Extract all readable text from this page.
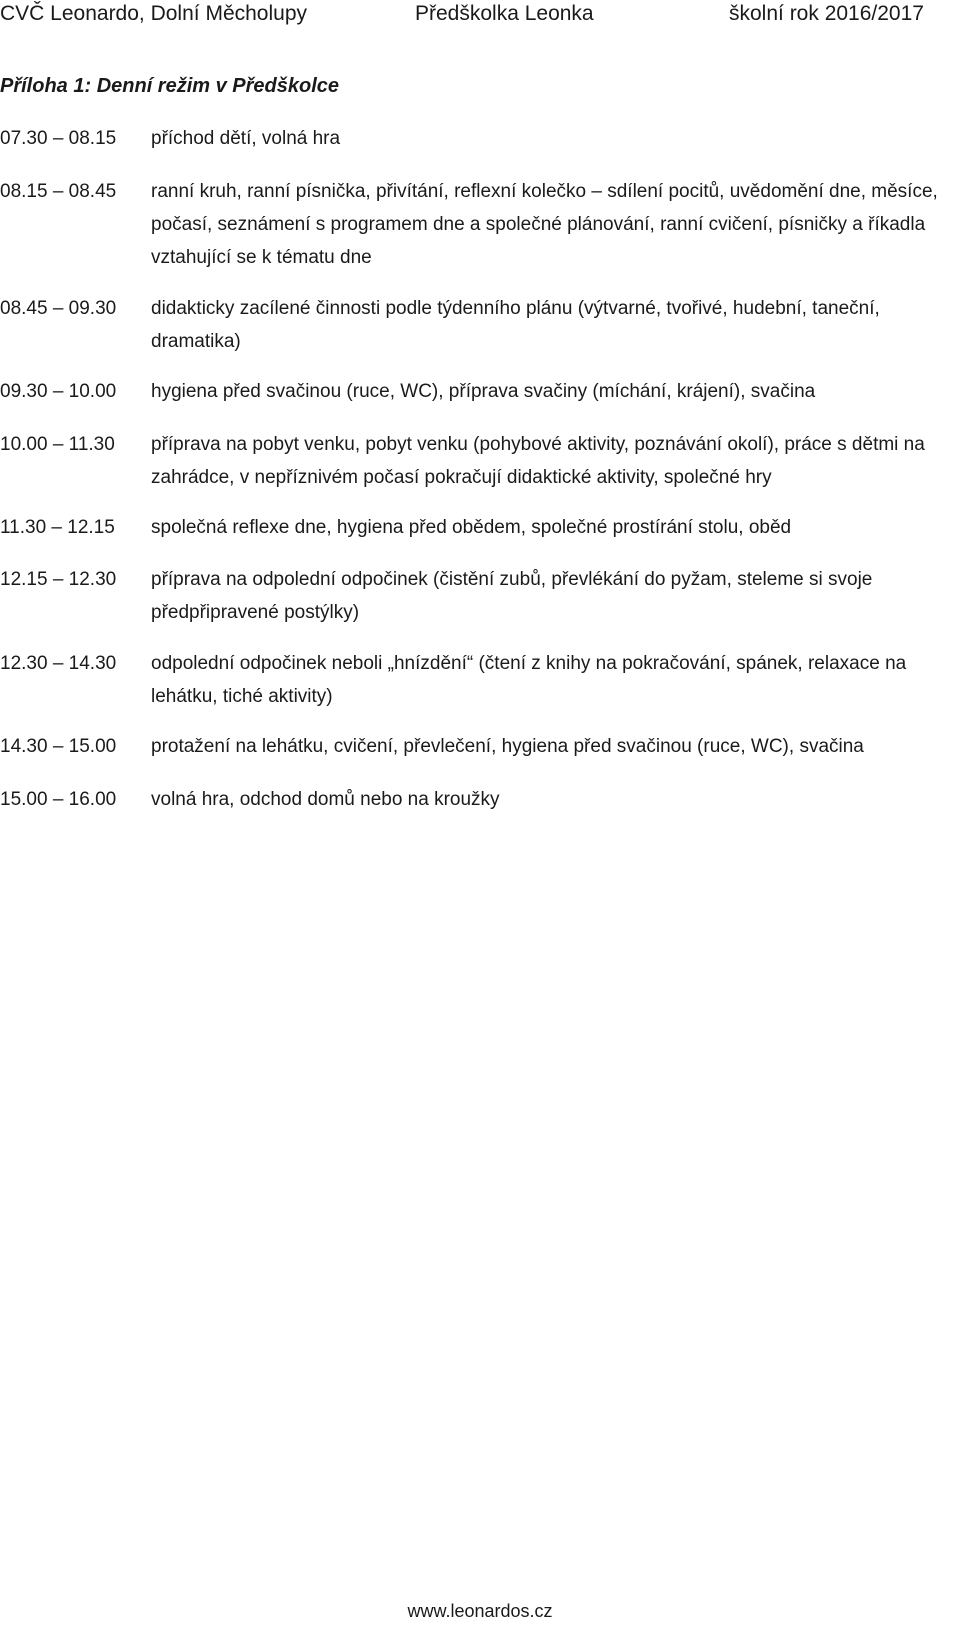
CVČ Leonardo, Dolní Měcholupy	Předškolka Leonka	školní rok 2016/2017
Příloha 1: Denní režim v Předškolce
07.30 – 08.15	příchod dětí, volná hra

08.15 – 08.45	ranní kruh, ranní písnička, přivítání, reflexní kolečko – sdílení pocitů, uvědomění dne, měsíce, počasí, seznámení s programem dne a společné plánování, ranní cvičení, písničky a říkadla vztahující se k tématu dne

08.45 – 09.30	didakticky zacílené činnosti podle týdenního plánu (výtvarné, tvořivé, hudební, taneční, dramatika)

09.30 – 10.00	hygiena před svačinou (ruce, WC), příprava svačiny (míchání, krájení), svačina

10.00 – 11.30	příprava na pobyt venku, pobyt venku (pohybové aktivity, poznávání okolí), práce s dětmi na zahrádce, v nepříznivém počasí pokračují didaktické aktivity, společné hry

11.30 – 12.15	společná reflexe dne, hygiena před obědem, společné prostírání stolu, oběd

12.15 – 12.30	příprava na odpolední odpočinek (čistění zubů, převlékání do pyžam, steleme si svoje předpřipravené postýlky)

12.30 – 14.30	odpolední odpočinek neboli „hnízdění“ (čtení z knihy na pokračování, spánek, relaxace na lehátku, tiché aktivity)

14.30 – 15.00	protažení na lehátku, cvičení, převlečení, hygiena před svačinou (ruce, WC), svačina

15.00 – 16.00	volná hra, odchod domů nebo na kroužky

www.leonardos.cz
